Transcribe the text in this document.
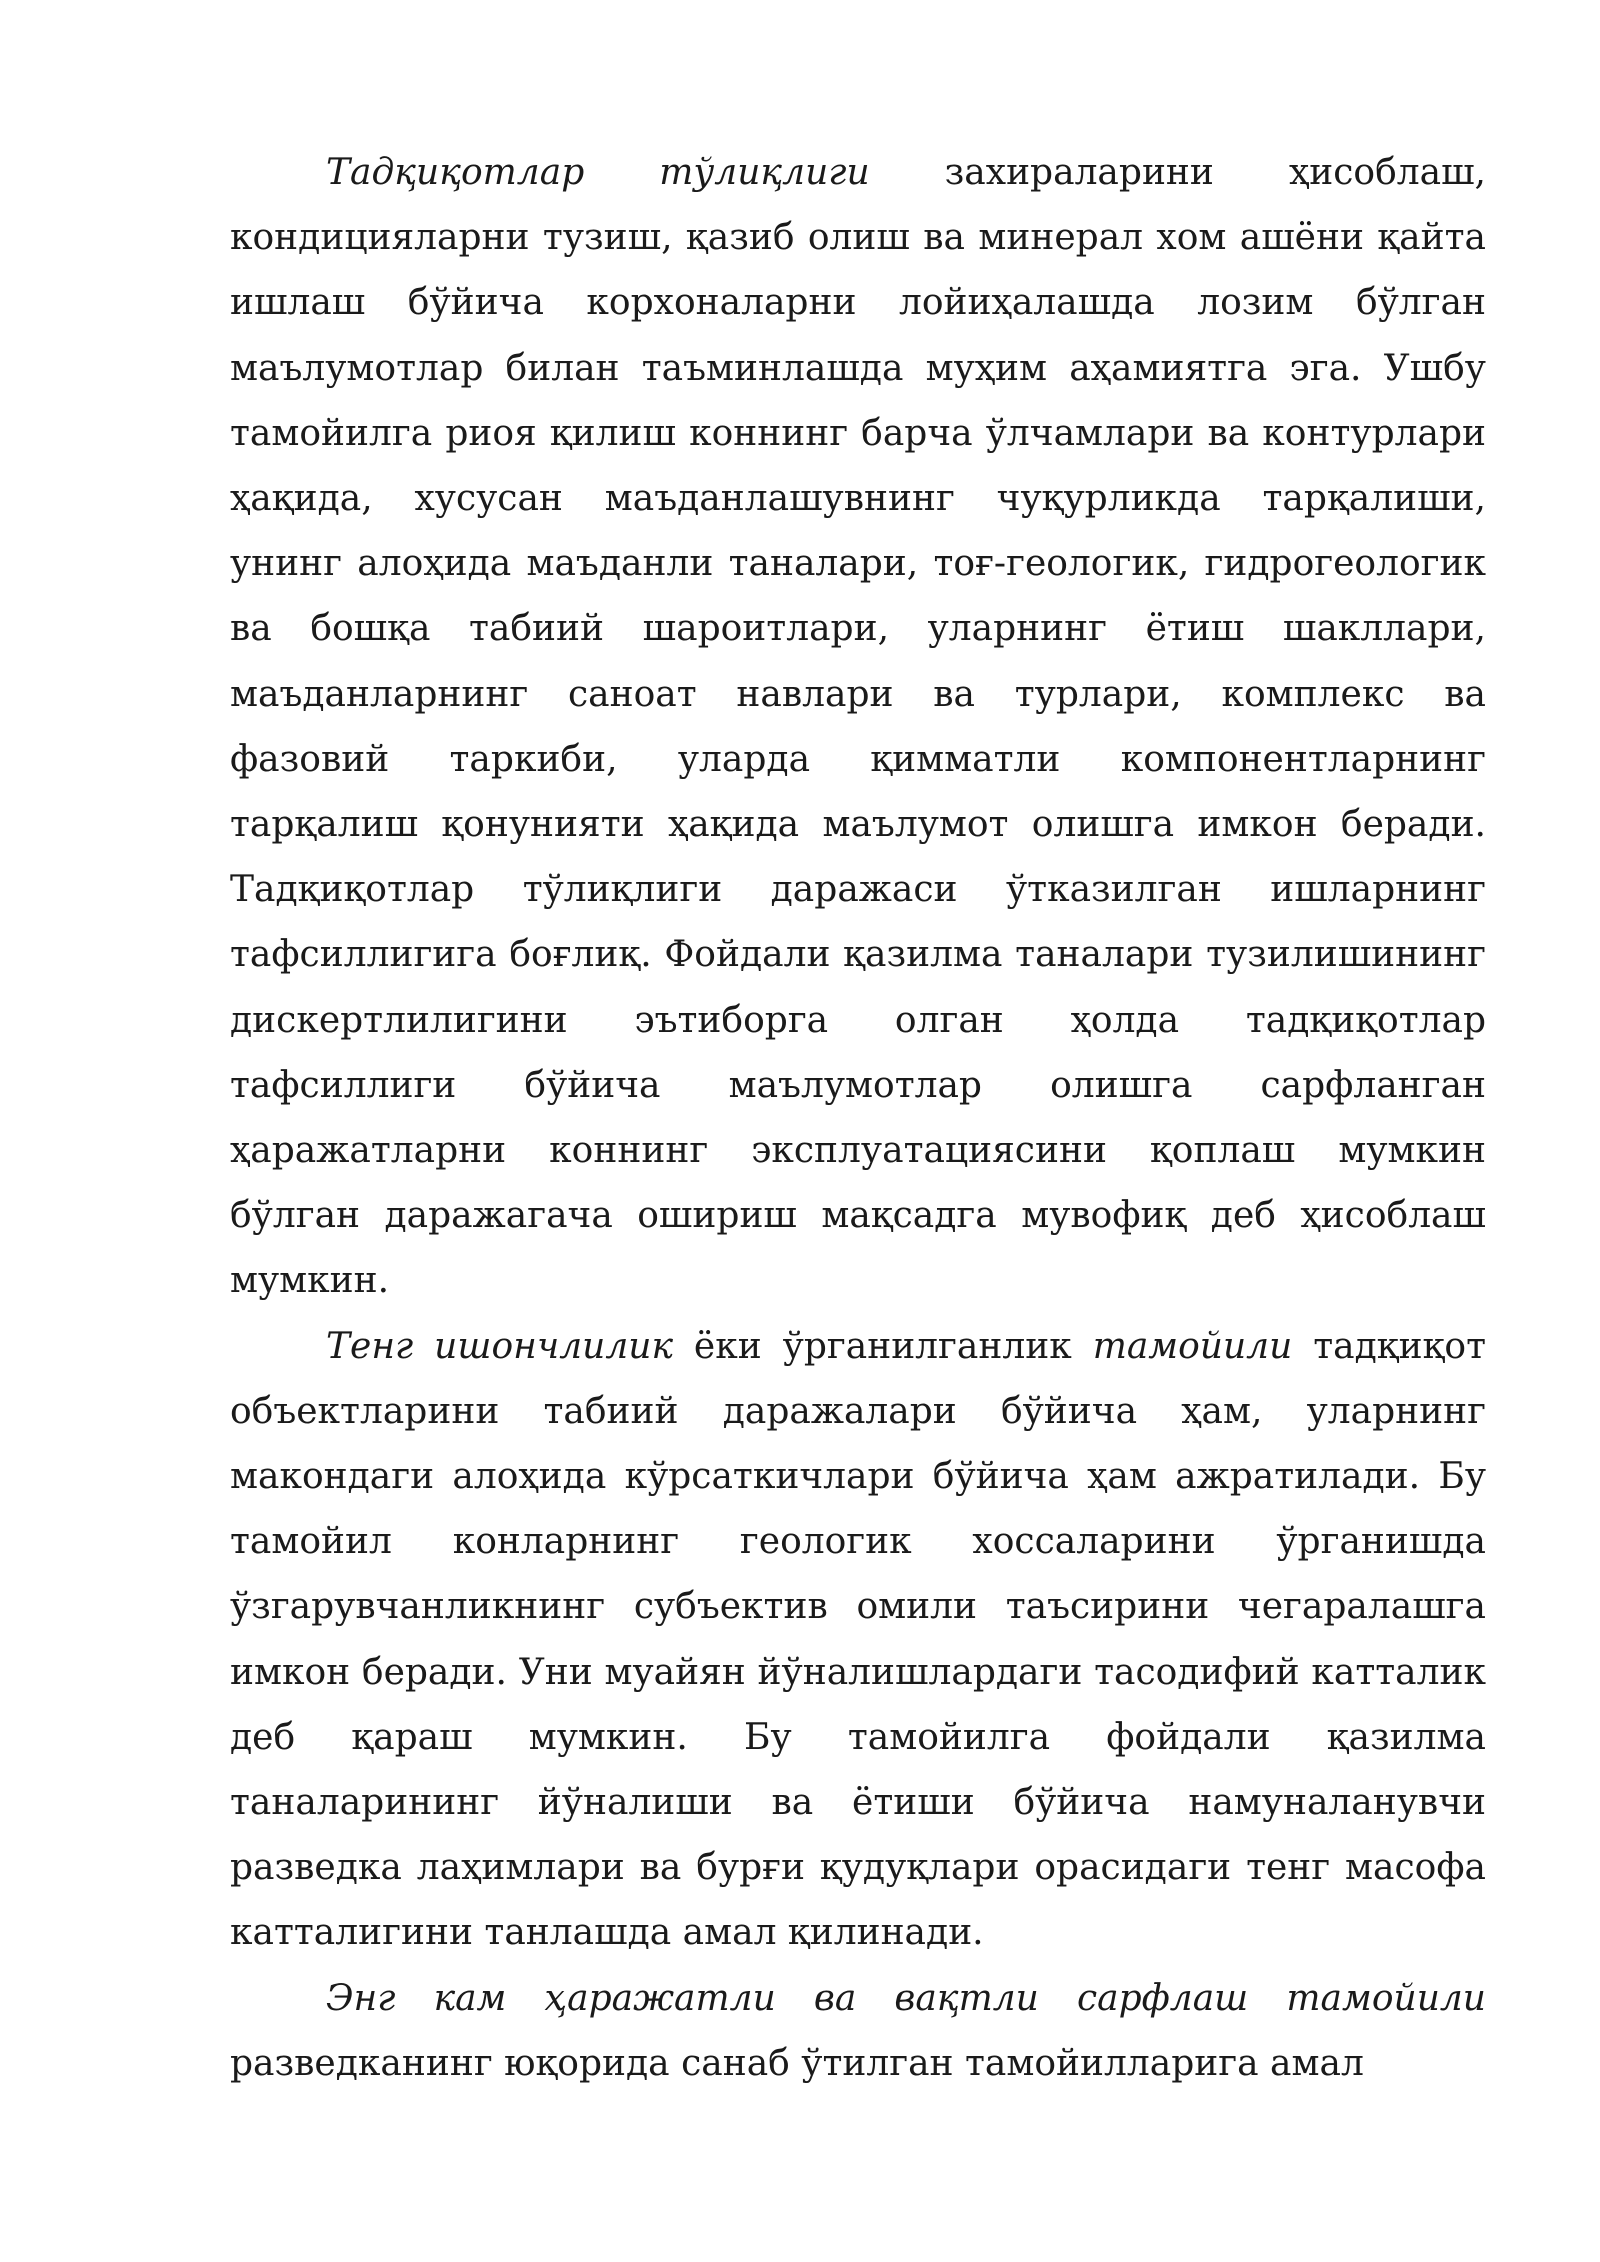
Тадқиқотлар тўлиқлиги захираларини ҳисоблаш, кондицияларни тузиш, қазиб олиш ва минерал хом ашёни қайта ишлаш бўйича корхоналарни лойиҳалашда лозим бўлган маълумотлар билан таъминлашда муҳим аҳамиятга эга. Ушбу тамойилга риоя қилиш коннинг барча ўлчамлари ва контурлари ҳақида, хусусан маъданлашувнинг чуқурликда тарқалиши, унинг алоҳида маъданли таналари, тоғ-геологик, гидрогеологик ва бошқа табиий шароитлари, уларнинг ётиш шакллари, маъданларнинг саноат навлари ва турлари, комплекс ва фазовий таркиби, уларда қимматли компонентларнинг тарқалиш қонунияти ҳақида маълумот олишга имкон беради. Тадқиқотлар тўлиқлиги даражаси ўтказилган ишларнинг тафсиллигига боғлиқ. Фойдали қазилма таналари тузилишининг дискертлилигини эътиборга олган ҳолда тадқиқотлар тафсиллиги бўйича маълумотлар олишга сарфланган ҳаражатларни коннинг эксплуатациясини қоплаш мумкин бўлган даражагача ошириш мақсадга мувофиқ деб ҳисоблаш мумкин.

Тенг ишончлилик ёки ўрганилганлик тамойили тадқиқот объектларини табиий даражалари бўйича ҳам, уларнинг макондаги алоҳида кўрсаткичлари бўйича ҳам ажратилади. Бу тамойил конларнинг геологик хоссаларини ўрганишда ўзгарувчанликнинг субъектив омили таъсирини чегаралашга имкон беради. Уни муайян йўналишлардаги тасодифий катталик деб қараш мумкин. Бу тамойилга фойдали қазилма таналарининг йўналиши ва ётиши бўйича намуналанувчи разведка лаҳимлари ва бурғи қудуқлари орасидаги тенг масофа катталигини танлашда амал қилинади.

Энг кам ҳаражатли ва вақтли сарфлаш тамойили разведканинг юқорида санаб ўтилган тамойилларига амал
